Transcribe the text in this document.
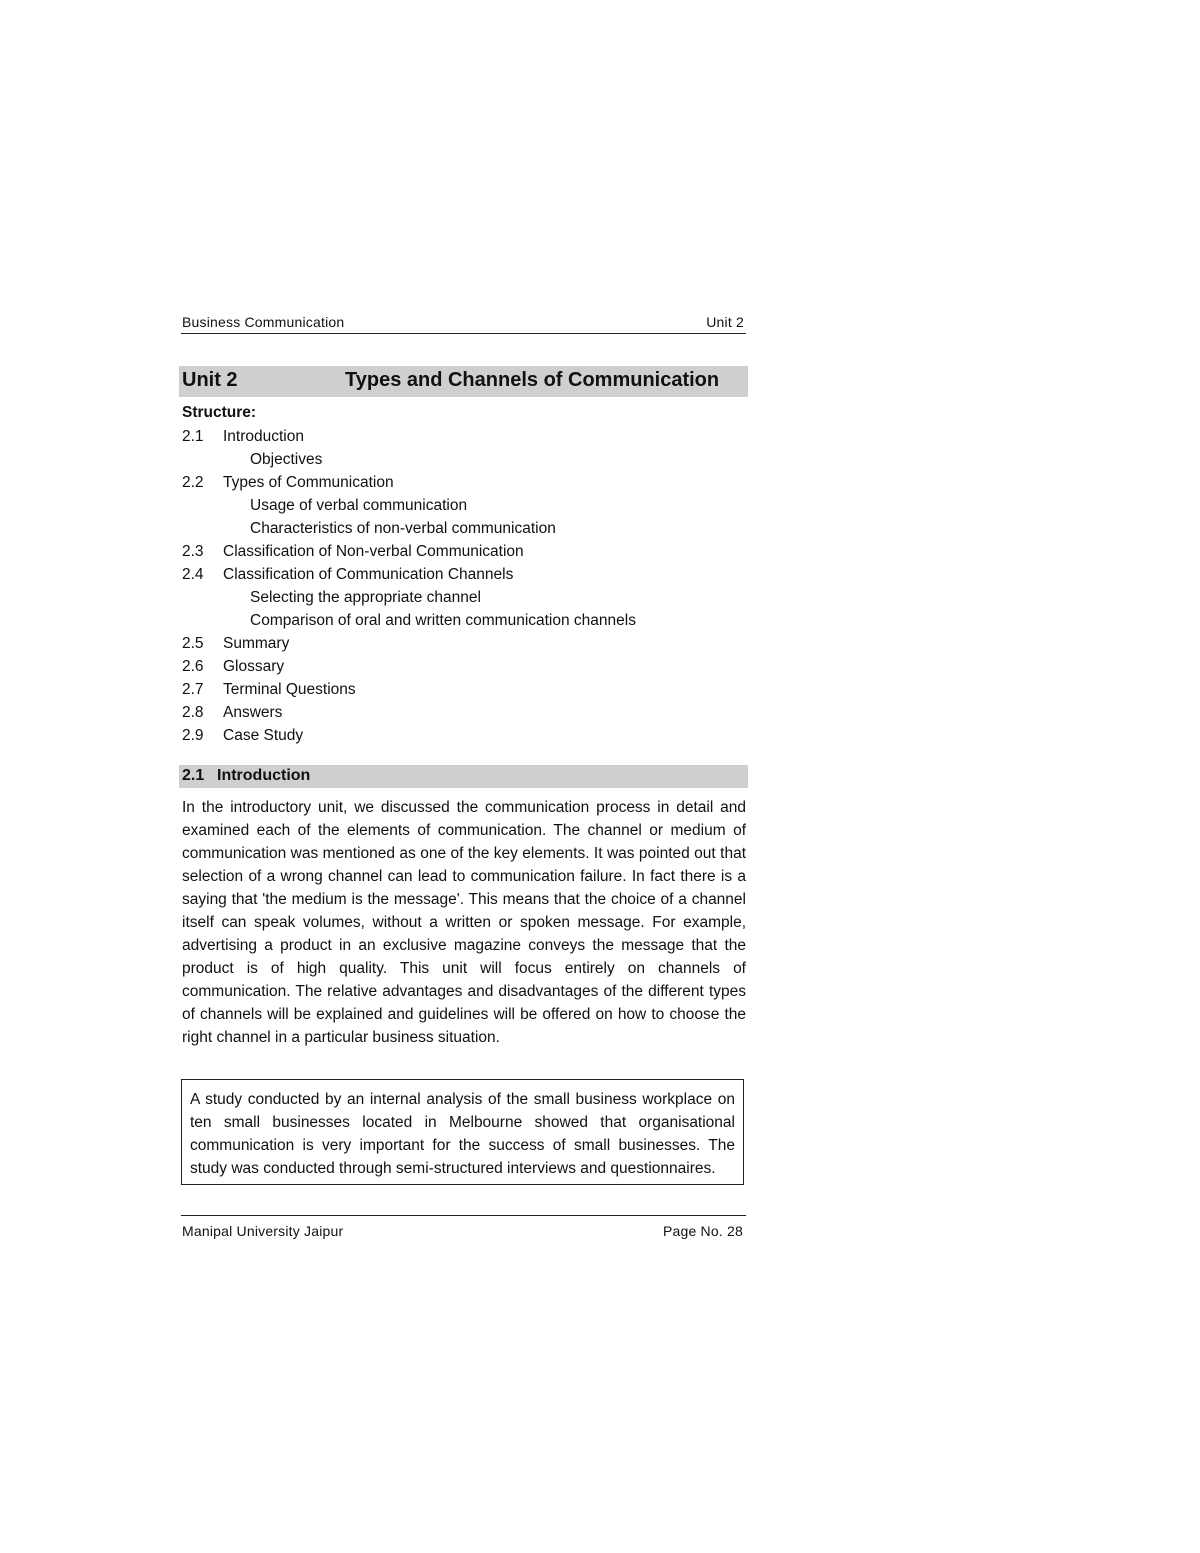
Business Communication	Unit 2
Unit 2	Types and Channels of Communication
Structure:
2.1 Introduction
Objectives
2.2 Types of Communication
Usage of verbal communication
Characteristics of non-verbal communication
2.3 Classification of Non-verbal Communication
2.4 Classification of Communication Channels
Selecting the appropriate channel
Comparison of oral and written communication channels
2.5 Summary
2.6 Glossary
2.7 Terminal Questions
2.8 Answers
2.9 Case Study
2.1 Introduction

In the introductory unit, we discussed the communication process in detail and examined each of the elements of communication. The channel or medium of communication was mentioned as one of the key elements. It was pointed out that selection of a wrong channel can lead to communication failure. In fact there is a saying that 'the medium is the message'. This means that the choice of a channel itself can speak volumes, without a written or spoken message. For example, advertising a product in an exclusive magazine conveys the message that the product is of high quality. This unit will focus entirely on channels of communication. The relative advantages and disadvantages of the different types of channels will be explained and guidelines will be offered on how to choose the right channel in a particular business situation.

A study conducted by an internal analysis of the small business workplace on ten small businesses located in Melbourne showed that organisational communication is very important for the success of small businesses. The study was conducted through semi-structured interviews and questionnaires.
Manipal University Jaipur	Page No. 28
